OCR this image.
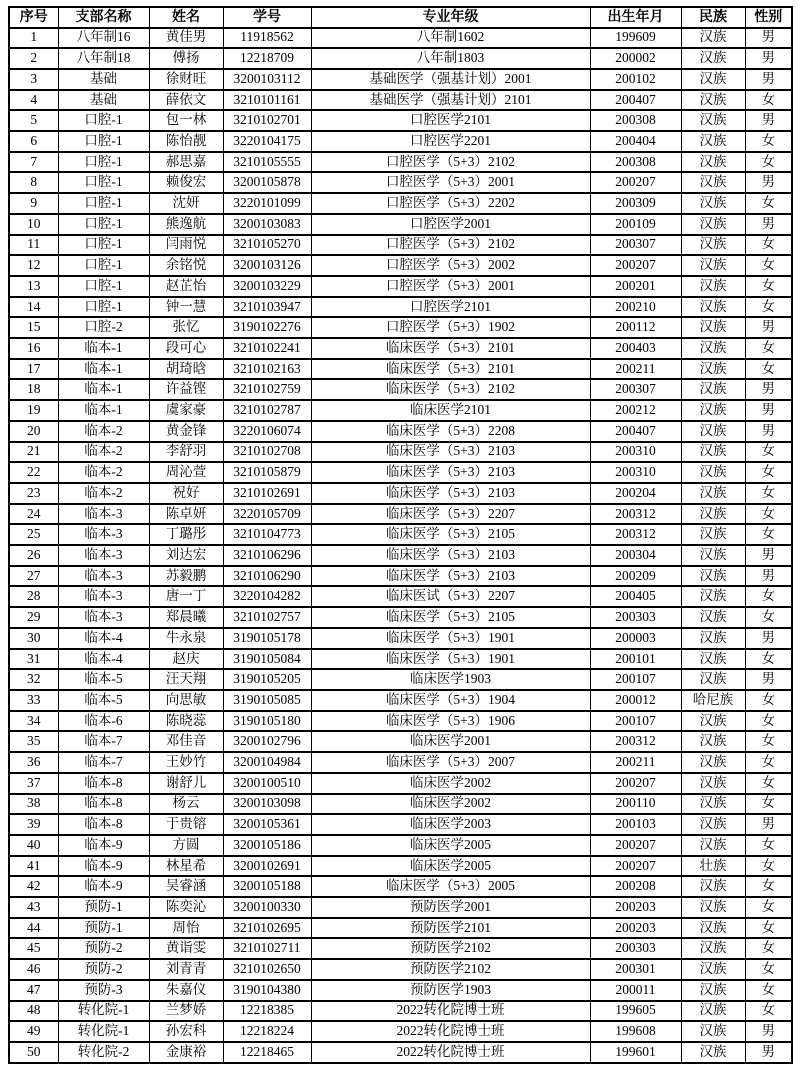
序号	支部名称	姓名	学号	专业年级	出生年月	民族	性别
1	八年制16	黄佳男	11918562	八年制1602	199609	汉族	男
2	八年制18	傅扬	12218709	八年制1803	200002	汉族	男
3	基础	徐财旺	3200103112	基础医学（强基计划）2001	200102	汉族	男
4	基础	薛依文	3210101161	基础医学（强基计划）2101	200407	汉族	女
5	口腔-1	包一林	3210102701	口腔医学2101	200308	汉族	男
6	口腔-1	陈怡靓	3220104175	口腔医学2201	200404	汉族	女
7	口腔-1	郝思嘉	3210105555	口腔医学（5+3）2102	200308	汉族	女
8	口腔-1	赖俊宏	3200105878	口腔医学（5+3）2001	200207	汉族	男
9	口腔-1	沈妍	3220101099	口腔医学（5+3）2202	200309	汉族	女
10	口腔-1	熊逸航	3200103083	口腔医学2001	200109	汉族	男
11	口腔-1	闫雨悦	3210105270	口腔医学（5+3）2102	200307	汉族	女
12	口腔-1	余铭悦	3200103126	口腔医学（5+3）2002	200207	汉族	女
13	口腔-1	赵芷怡	3200103229	口腔医学（5+3）2001	200201	汉族	女
14	口腔-1	钟一慧	3210103947	口腔医学2101	200210	汉族	女
15	口腔-2	张忆	3190102276	口腔医学（5+3）1902	200112	汉族	男
16	临本-1	段可心	3210102241	临床医学（5+3）2101	200403	汉族	女
17	临本-1	胡琦晗	3210102163	临床医学（5+3）2101	200211	汉族	女
18	临本-1	许益铿	3210102759	临床医学（5+3）2102	200307	汉族	男
19	临本-1	虞家豪	3210102787	临床医学2101	200212	汉族	男
20	临本-2	黄金锋	3220106074	临床医学（5+3）2208	200407	汉族	男
21	临本-2	李舒羽	3210102708	临床医学（5+3）2103	200310	汉族	女
22	临本-2	周沁萱	3210105879	临床医学（5+3）2103	200310	汉族	女
23	临本-2	祝好	3210102691	临床医学（5+3）2103	200204	汉族	女
24	临本-3	陈卓妍	3220105709	临床医学（5+3）2207	200312	汉族	女
25	临本-3	丁璐彤	3210104773	临床医学（5+3）2105	200312	汉族	女
26	临本-3	刘达宏	3210106296	临床医学（5+3）2103	200304	汉族	男
27	临本-3	苏毅鹏	3210106290	临床医学（5+3）2103	200209	汉族	男
28	临本-3	唐一丁	3220104282	临床医试（5+3）2207	200405	汉族	女
29	临本-3	郑晨曦	3210102757	临床医学（5+3）2105	200303	汉族	女
30	临本-4	牛永泉	3190105178	临床医学（5+3）1901	200003	汉族	男
31	临本-4	赵庆	3190105084	临床医学（5+3）1901	200101	汉族	女
32	临本-5	汪天翔	3190105205	临床医学1903	200107	汉族	男
33	临本-5	向思敏	3190105085	临床医学（5+3）1904	200012	哈尼族	女
34	临本-6	陈晓蕊	3190105180	临床医学（5+3）1906	200107	汉族	女
35	临本-7	邓佳音	3200102796	临床医学2001	200312	汉族	女
36	临本-7	王妙竹	3200104984	临床医学（5+3）2007	200211	汉族	女
37	临本-8	谢舒儿	3200100510	临床医学2002	200207	汉族	女
38	临本-8	杨云	3200103098	临床医学2002	200110	汉族	女
39	临本-8	于贵镕	3200105361	临床医学2003	200103	汉族	男
40	临本-9	方圆	3200105186	临床医学2005	200207	汉族	女
41	临本-9	林星希	3200102691	临床医学2005	200207	壮族	女
42	临本-9	吴睿涵	3200105188	临床医学（5+3）2005	200208	汉族	女
43	预防-1	陈奕沁	3200100330	预防医学2001	200203	汉族	女
44	预防-1	周怡	3210102695	预防医学2101	200203	汉族	女
45	预防-2	黄诣雯	3210102711	预防医学2102	200303	汉族	女
46	预防-2	刘青青	3210102650	预防医学2102	200301	汉族	女
47	预防-3	朱嘉仪	3190104380	预防医学1903	200011	汉族	女
48	转化院-1	兰梦娇	12218385	2022转化院博士班	199605	汉族	女
49	转化院-1	孙宏科	12218224	2022转化院博士班	199608	汉族	男
50	转化院-2	金康裕	12218465	2022转化院博士班	199601	汉族	男
